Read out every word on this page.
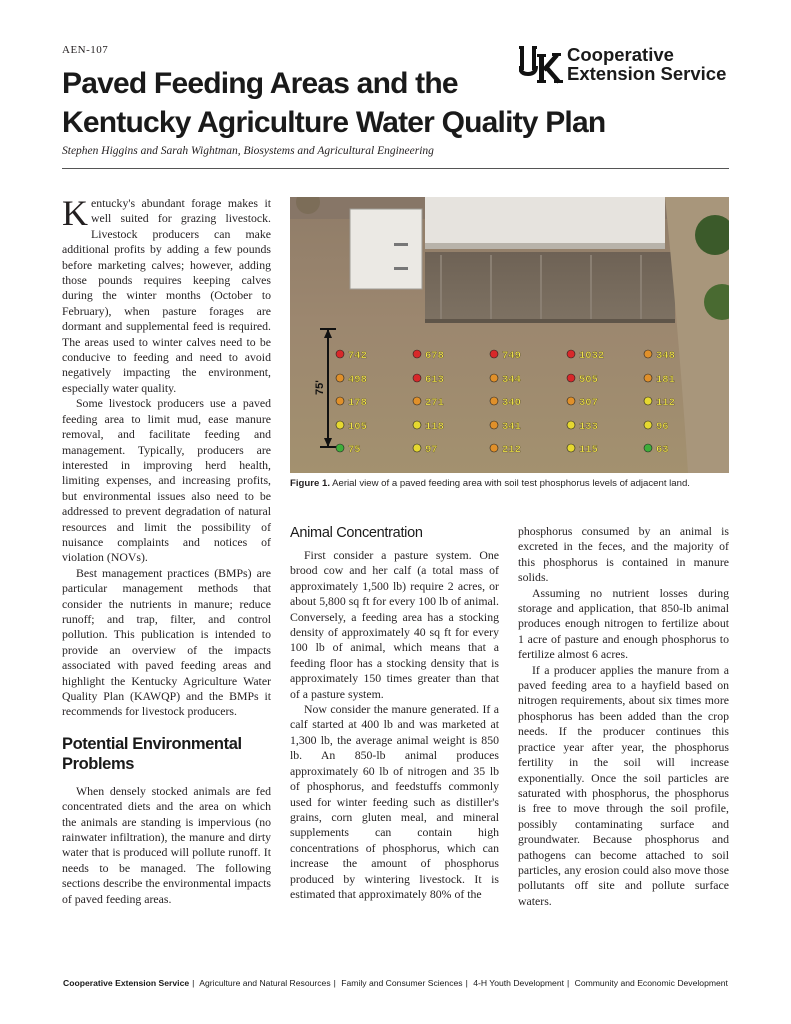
AEN-107	Cooperative
Extension Service
Paved Feeding Areas and the
Kentucky Agriculture Water Quality Plan
Stephen Higgins and Sarah Wightman, Biosystems and Agricultural Engineering

Kentucky's abundant forage makes it well suited for grazing livestock. Livestock producers can make additional profits by adding a few pounds before marketing calves; however, adding those pounds requires keeping calves during the winter months (October to February), when pasture forages are dormant and supplemental feed is required. The areas used to winter calves need to be conducive to feeding and need to avoid negatively impacting the environment, especially water quality.

Some livestock producers use a paved feeding area to limit mud, ease manure removal, and facilitate feeding and management. Typically, producers are interested in improving herd health, limiting expenses, and increasing profits, but environmental issues also need to be addressed to prevent degradation of natural resources and limit the possibility of nuisance complaints and notices of violation (NOVs).

Best management practices (BMPs) are particular management methods that consider the nutrients in manure; reduce runoff; and trap, filter, and control pollution. This publication is intended to provide an overview of the impacts associated with paved feeding areas and highlight the Kentucky Agriculture Water Quality Plan (KAWQP) and the BMPs it recommends for livestock producers.

Potential Environmental Problems

When densely stocked animals are fed concentrated diets and the area on which the animals are standing is impervious (no rainwater infiltration), the manure and dirty water that is produced will pollute runoff. It needs to be managed. The following sections describe the environmental impacts of paved feeding areas.

75'
742	678	749	1032	348
498	613	344	505	181
178	271	340	307	112
105	118	341	133	96
75	97	212	115	63
Figure 1. Aerial view of a paved feeding area with soil test phosphorus levels of adjacent land.
Animal Concentration

First consider a pasture system. One brood cow and her calf (a total mass of approximately 1,500 lb) require 2 acres, or about 5,800 sq ft for every 100 lb of animal. Conversely, a feeding area has a stocking density of approximately 40 sq ft for every 100 lb of animal, which means that a feeding floor has a stocking density that is approximately 150 times greater than that of a pasture system.

Now consider the manure generated. If a calf started at 400 lb and was marketed at 1,300 lb, the average animal weight is 850 lb. An 850-lb animal produces approximately 60 lb of nitrogen and 35 lb of phosphorus, and feedstuffs commonly used for winter feeding such as distiller's grains, corn gluten meal, and mineral supplements can contain high concentrations of phosphorus, which can increase the amount of phosphorus produced by wintering livestock. It is estimated that approximately 80% of the

phosphorus consumed by an animal is excreted in the feces, and the majority of this phosphorus is contained in manure solids.

Assuming no nutrient losses during storage and application, that 850-lb animal produces enough nitrogen to fertilize about 1 acre of pasture and enough phosphorus to fertilize almost 6 acres.

If a producer applies the manure from a paved feeding area to a hayfield based on nitrogen requirements, about six times more phosphorus has been added than the crop needs. If the producer continues this practice year after year, the phosphorus fertility in the soil will increase exponentially. Once the soil particles are saturated with phosphorus, the phosphorus is free to move through the soil profile, possibly contaminating surface and groundwater. Because phosphorus and pathogens can become attached to soil particles, any erosion could also move those pollutants off site and pollute surface waters.

Cooperative Extension Service | Agriculture and Natural Resources | Family and Consumer Sciences | 4-H Youth Development | Community and Economic Development
